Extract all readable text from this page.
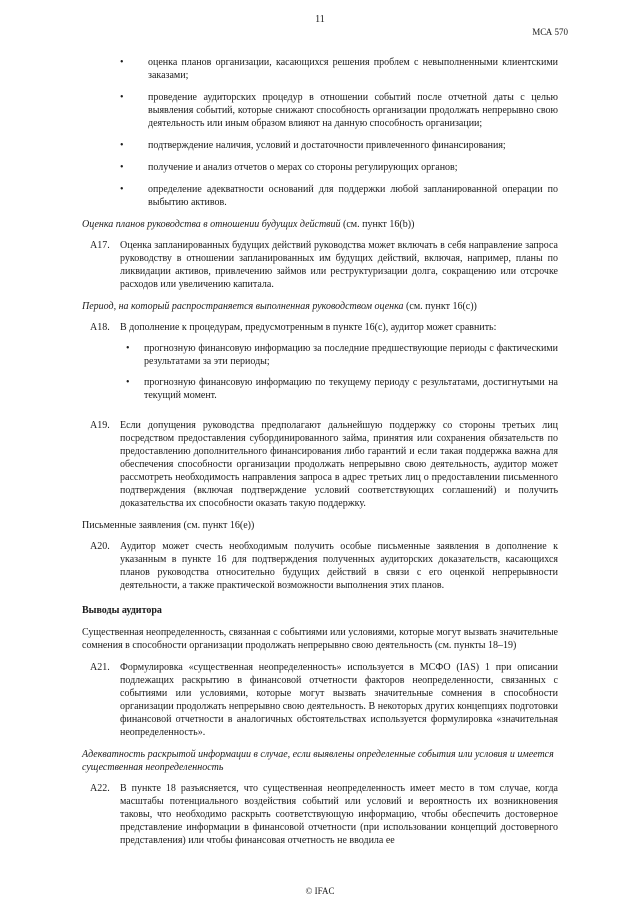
11
МСА 570
•	оценка планов организации, касающихся решения проблем с невыполненными клиентскими заказами;
•	проведение аудиторских процедур в отношении событий после отчетной даты с целью выявления событий, которые снижают способность организации продолжать непрерывно свою деятельность или иным образом влияют на данную способность организации;
•	подтверждение наличия, условий и достаточности привлеченного финансирования;
•	получение и анализ отчетов о мерах со стороны регулирующих органов;
•	определение адекватности оснований для поддержки любой запланированной операции по выбытию активов.

Оценка планов руководства в отношении будущих действий (см. пункт 16(b))

A17.	Оценка запланированных будущих действий руководства может включать в себя направление запроса руководству в отношении запланированных им будущих действий, включая, например, планы по ликвидации активов, привлечению займов или реструктуризации долга, сокращению или отсрочке расходов или увеличению капитала.

Период, на который распространяется выполненная руководством оценка (см. пункт 16(c))

A18.	В дополнение к процедурам, предусмотренным в пункте 16(c), аудитор может сравнить:

•	прогнозную финансовую информацию за последние предшествующие периоды с фактическими результатами за эти периоды;
•	прогнозную финансовую информацию по текущему периоду с результатами, достигнутыми на текущий момент.
A19.	Если допущения руководства предполагают дальнейшую поддержку со стороны третьих лиц посредством предоставления субординированного займа, принятия или сохранения обязательств по предоставлению дополнительного финансирования либо гарантий и если такая поддержка важна для обеспечения способности организации продолжать непрерывно свою деятельность, аудитор может рассмотреть необходимость направления запроса в адрес третьих лиц о предоставлении письменного подтверждения (включая подтверждение условий соответствующих соглашений) и получить доказательства их способности оказать такую поддержку.

Письменные заявления (см. пункт 16(e))

A20.	Аудитор может счесть необходимым получить особые письменные заявления в дополнение к указанным в пункте 16 для подтверждения полученных аудиторских доказательств, касающихся планов руководства относительно будущих действий в связи с его оценкой непрерывности деятельности, а также практической возможности выполнения этих планов.

Выводы аудитора

Существенная неопределенность, связанная с событиями или условиями, которые могут вызвать значительные сомнения в способности организации продолжать непрерывно свою деятельность (см. пункты 18–19)

A21.	Формулировка «существенная неопределенность» используется в МСФО (IAS) 1 при описании подлежащих раскрытию в финансовой отчетности факторов неопределенности, связанных с событиями или условиями, которые могут вызвать значительные сомнения в способности организации продолжать непрерывно свою деятельность. В некоторых других концепциях подготовки финансовой отчетности в аналогичных обстоятельствах используется формулировка «значительная неопределенность».

Адекватность раскрытой информации в случае, если выявлены определенные события или условия и имеется существенная неопределенность

A22.	В пункте 18 разъясняется, что существенная неопределенность имеет место в том случае, когда масштабы потенциального воздействия событий или условий и вероятность их возникновения таковы, что необходимо раскрыть соответствующую информацию, чтобы обеспечить достоверное представление информации в финансовой отчетности (при использовании концепций достоверного представления) или чтобы финансовая отчетность не вводила ее
© IFAC
